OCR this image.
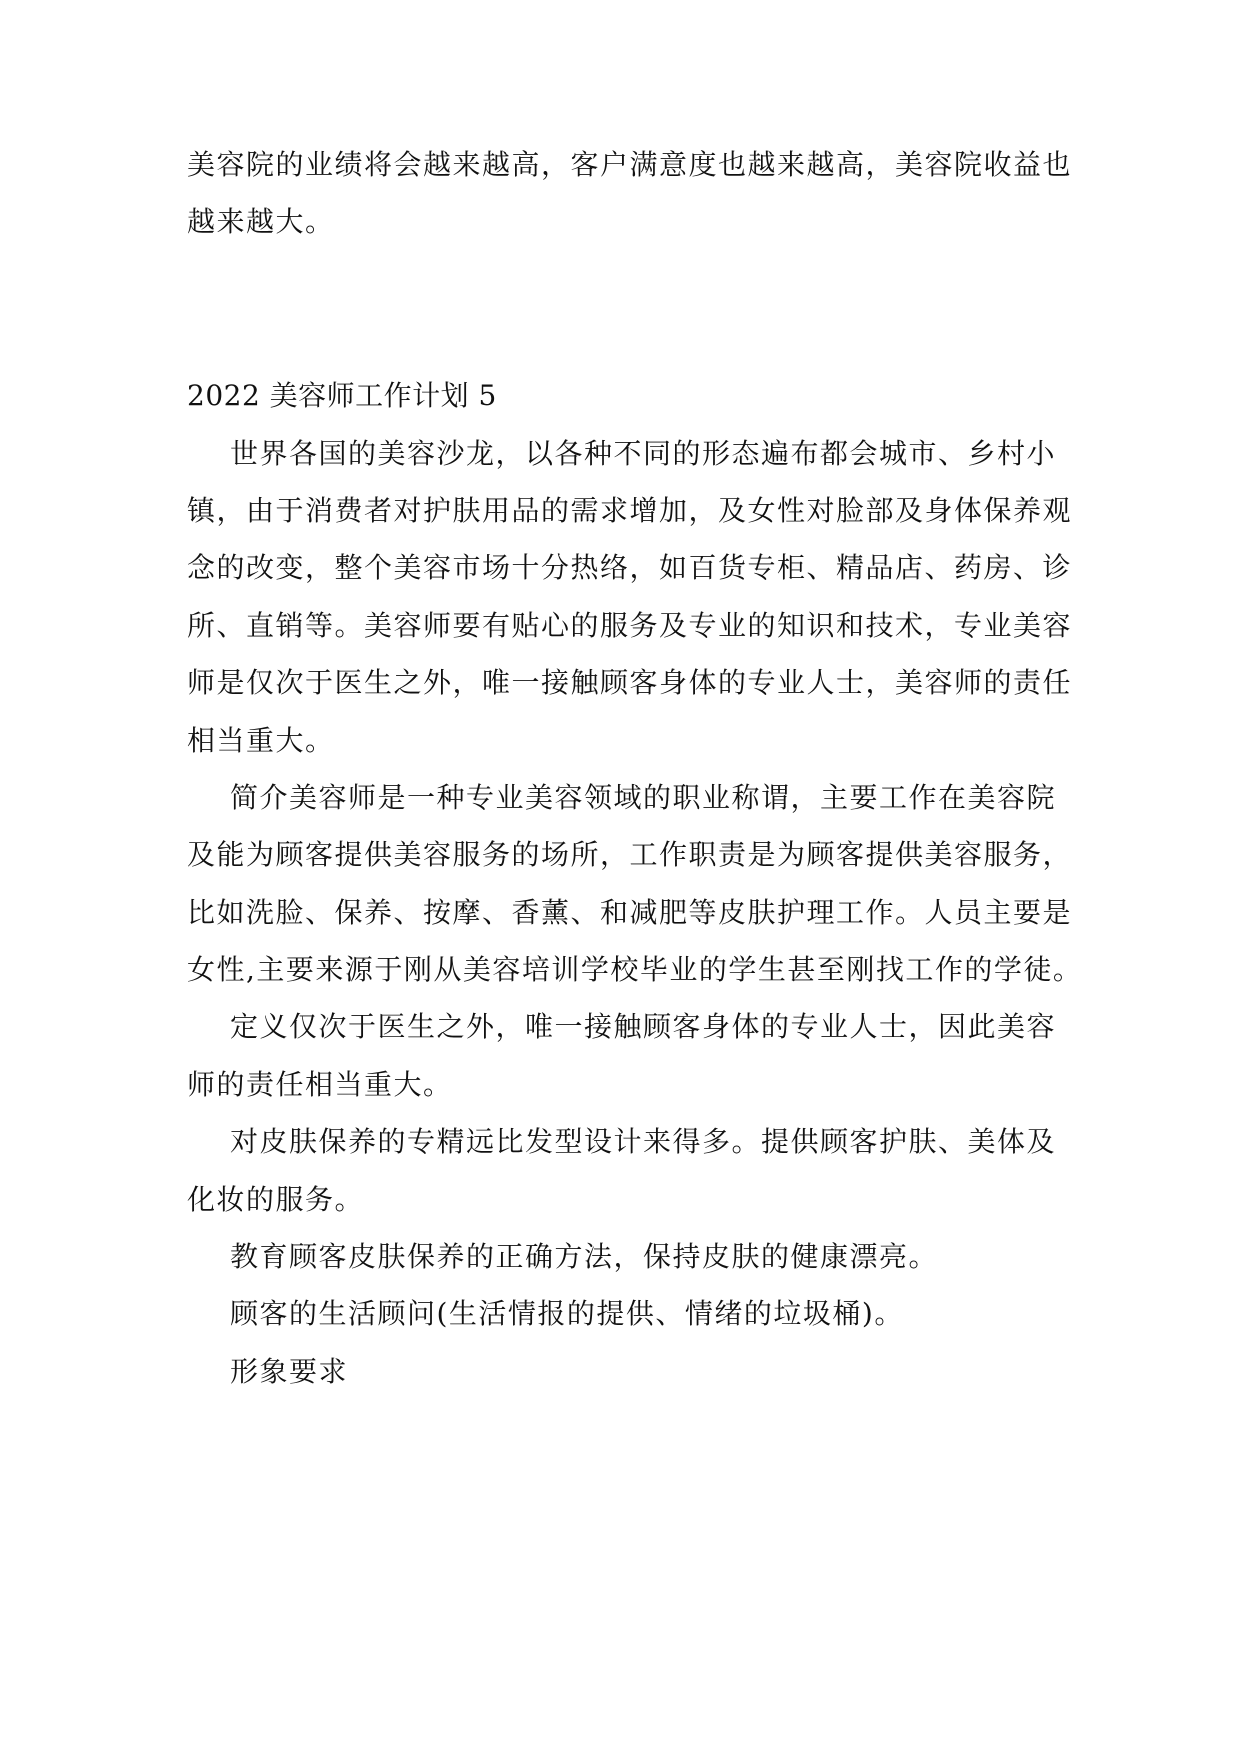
美容院的业绩将会越来越高，客户满意度也越来越高，美容院收益也
越来越大。
2022 美容师工作计划 5
世界各国的美容沙龙，以各种不同的形态遍布都会城市、乡村小
镇，由于消费者对护肤用品的需求增加，及女性对脸部及身体保养观
念的改变，整个美容市场十分热络，如百货专柜、精品店、药房、诊
所、直销等。美容师要有贴心的服务及专业的知识和技术，专业美容
师是仅次于医生之外，唯一接触顾客身体的专业人士，美容师的责任
相当重大。
简介美容师是一种专业美容领域的职业称谓，主要工作在美容院
及能为顾客提供美容服务的场所，工作职责是为顾客提供美容服务，
比如洗脸、保养、按摩、香薰、和减肥等皮肤护理工作。人员主要是
女性,主要来源于刚从美容培训学校毕业的学生甚至刚找工作的学徒。
定义仅次于医生之外，唯一接触顾客身体的专业人士，因此美容
师的责任相当重大。
对皮肤保养的专精远比发型设计来得多。提供顾客护肤、美体及
化妆的服务。
教育顾客皮肤保养的正确方法，保持皮肤的健康漂亮。
顾客的生活顾问(生活情报的提供、情绪的垃圾桶)。
形象要求
